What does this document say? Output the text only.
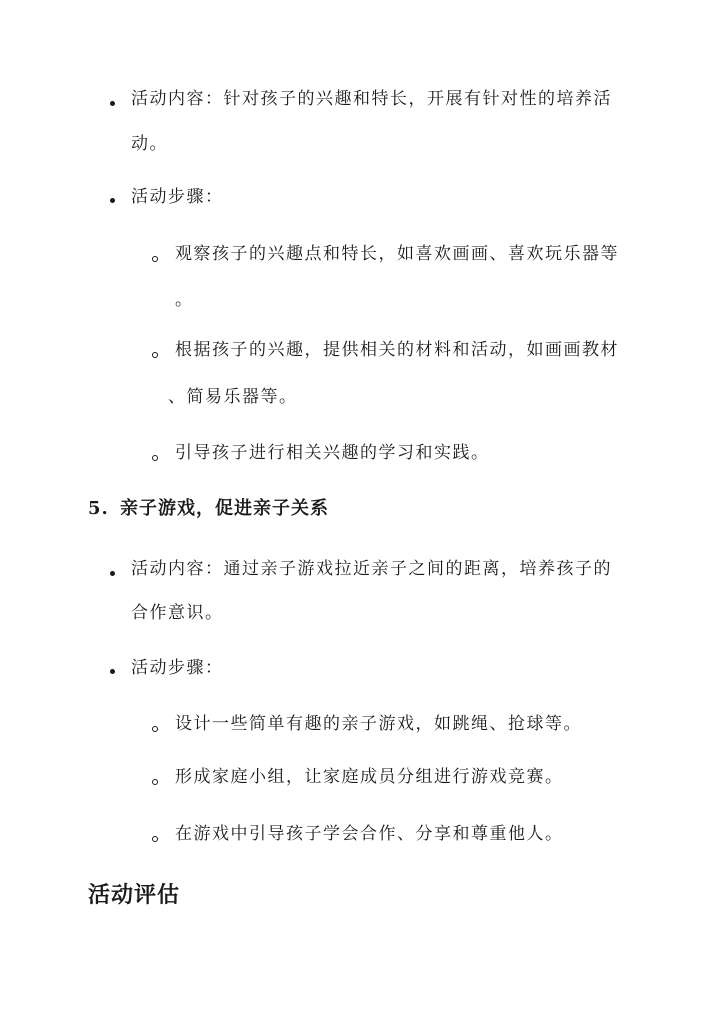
活动内容：针对孩子的兴趣和特长，开展有针对性的培养活
动。
活动步骤：
观察孩子的兴趣点和特长，如喜欢画画、喜欢玩乐器等
。
根据孩子的兴趣，提供相关的材料和活动，如画画教材
、简易乐器等。
引导孩子进行相关兴趣的学习和实践。
5. 亲子游戏，促进亲子关系
活动内容：通过亲子游戏拉近亲子之间的距离，培养孩子的
合作意识。
活动步骤：
设计一些简单有趣的亲子游戏，如跳绳、抢球等。
形成家庭小组，让家庭成员分组进行游戏竞赛。
在游戏中引导孩子学会合作、分享和尊重他人。
活动评估
